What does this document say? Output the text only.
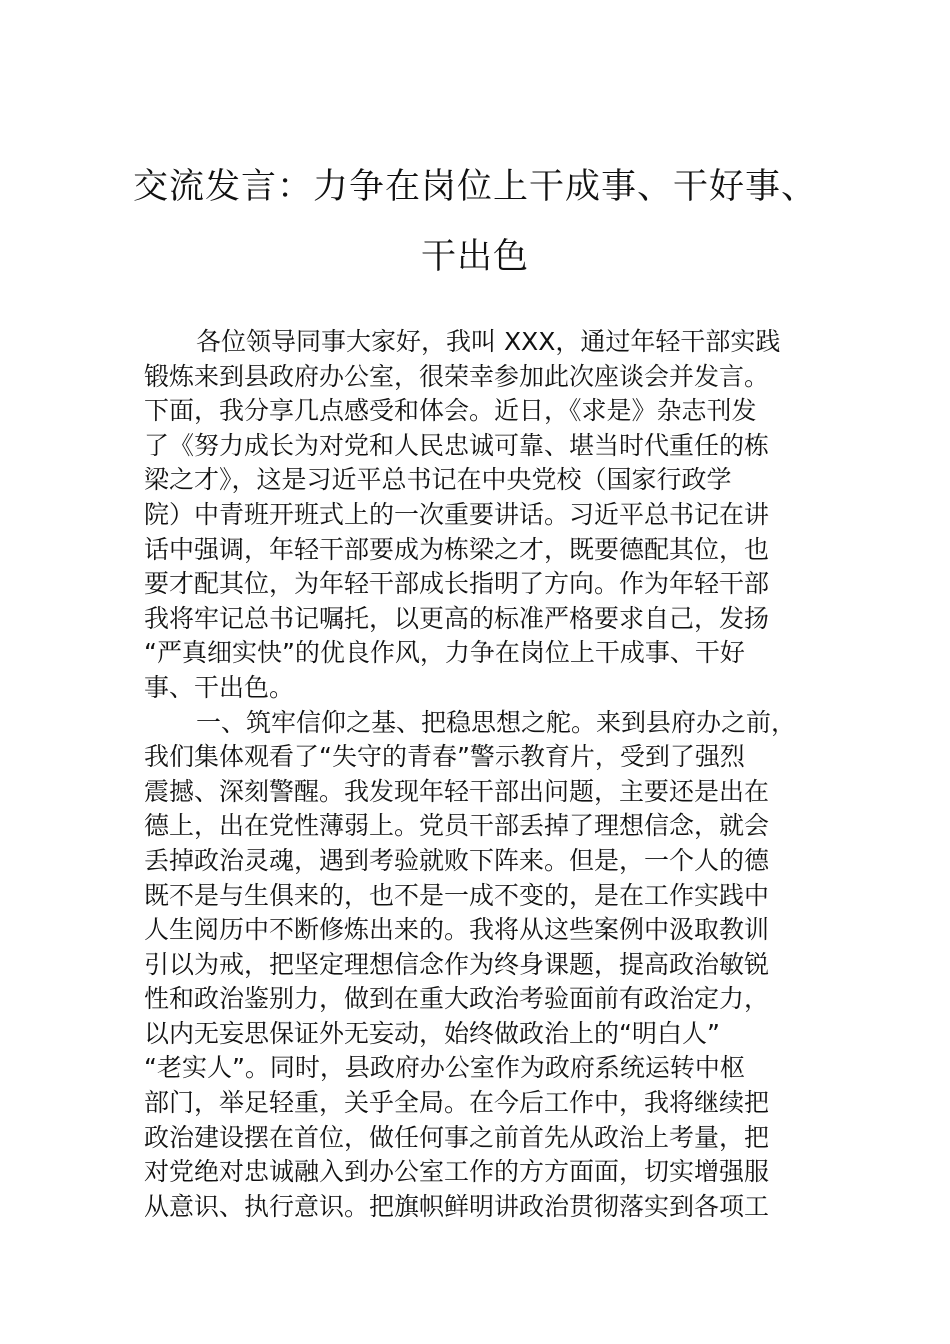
交流发言：力争在岗位上干成事、干好事、
干出色
各位领导同事大家好，我叫 XXX，通过年轻干部实践
锻炼来到县政府办公室，很荣幸参加此次座谈会并发言。
下面，我分享几点感受和体会。近日，《求是》杂志刊发
了《努力成长为对党和人民忠诚可靠、堪当时代重任的栋
梁之才》，这是习近平总书记在中央党校（国家行政学
院）中青班开班式上的一次重要讲话。习近平总书记在讲
话中强调，年轻干部要成为栋梁之才，既要德配其位，也
要才配其位，为年轻干部成长指明了方向。作为年轻干部
我将牢记总书记嘱托，以更高的标准严格要求自己，发扬
“严真细实快”的优良作风，力争在岗位上干成事、干好
事、干出色。
一、筑牢信仰之基、把稳思想之舵。来到县府办之前，
我们集体观看了“失守的青春”警示教育片，受到了强烈
震撼、深刻警醒。我发现年轻干部出问题，主要还是出在
德上，出在党性薄弱上。党员干部丢掉了理想信念，就会
丢掉政治灵魂，遇到考验就败下阵来。但是，一个人的德
既不是与生俱来的，也不是一成不变的，是在工作实践中
人生阅历中不断修炼出来的。我将从这些案例中汲取教训
引以为戒，把坚定理想信念作为终身课题，提高政治敏锐
性和政治鉴别力，做到在重大政治考验面前有政治定力，
以内无妄思保证外无妄动，始终做政治上的“明白人”
“老实人”。同时，县政府办公室作为政府系统运转中枢
部门，举足轻重，关乎全局。在今后工作中，我将继续把
政治建设摆在首位，做任何事之前首先从政治上考量，把
对党绝对忠诚融入到办公室工作的方方面面，切实增强服
从意识、执行意识。把旗帜鲜明讲政治贯彻落实到各项工
